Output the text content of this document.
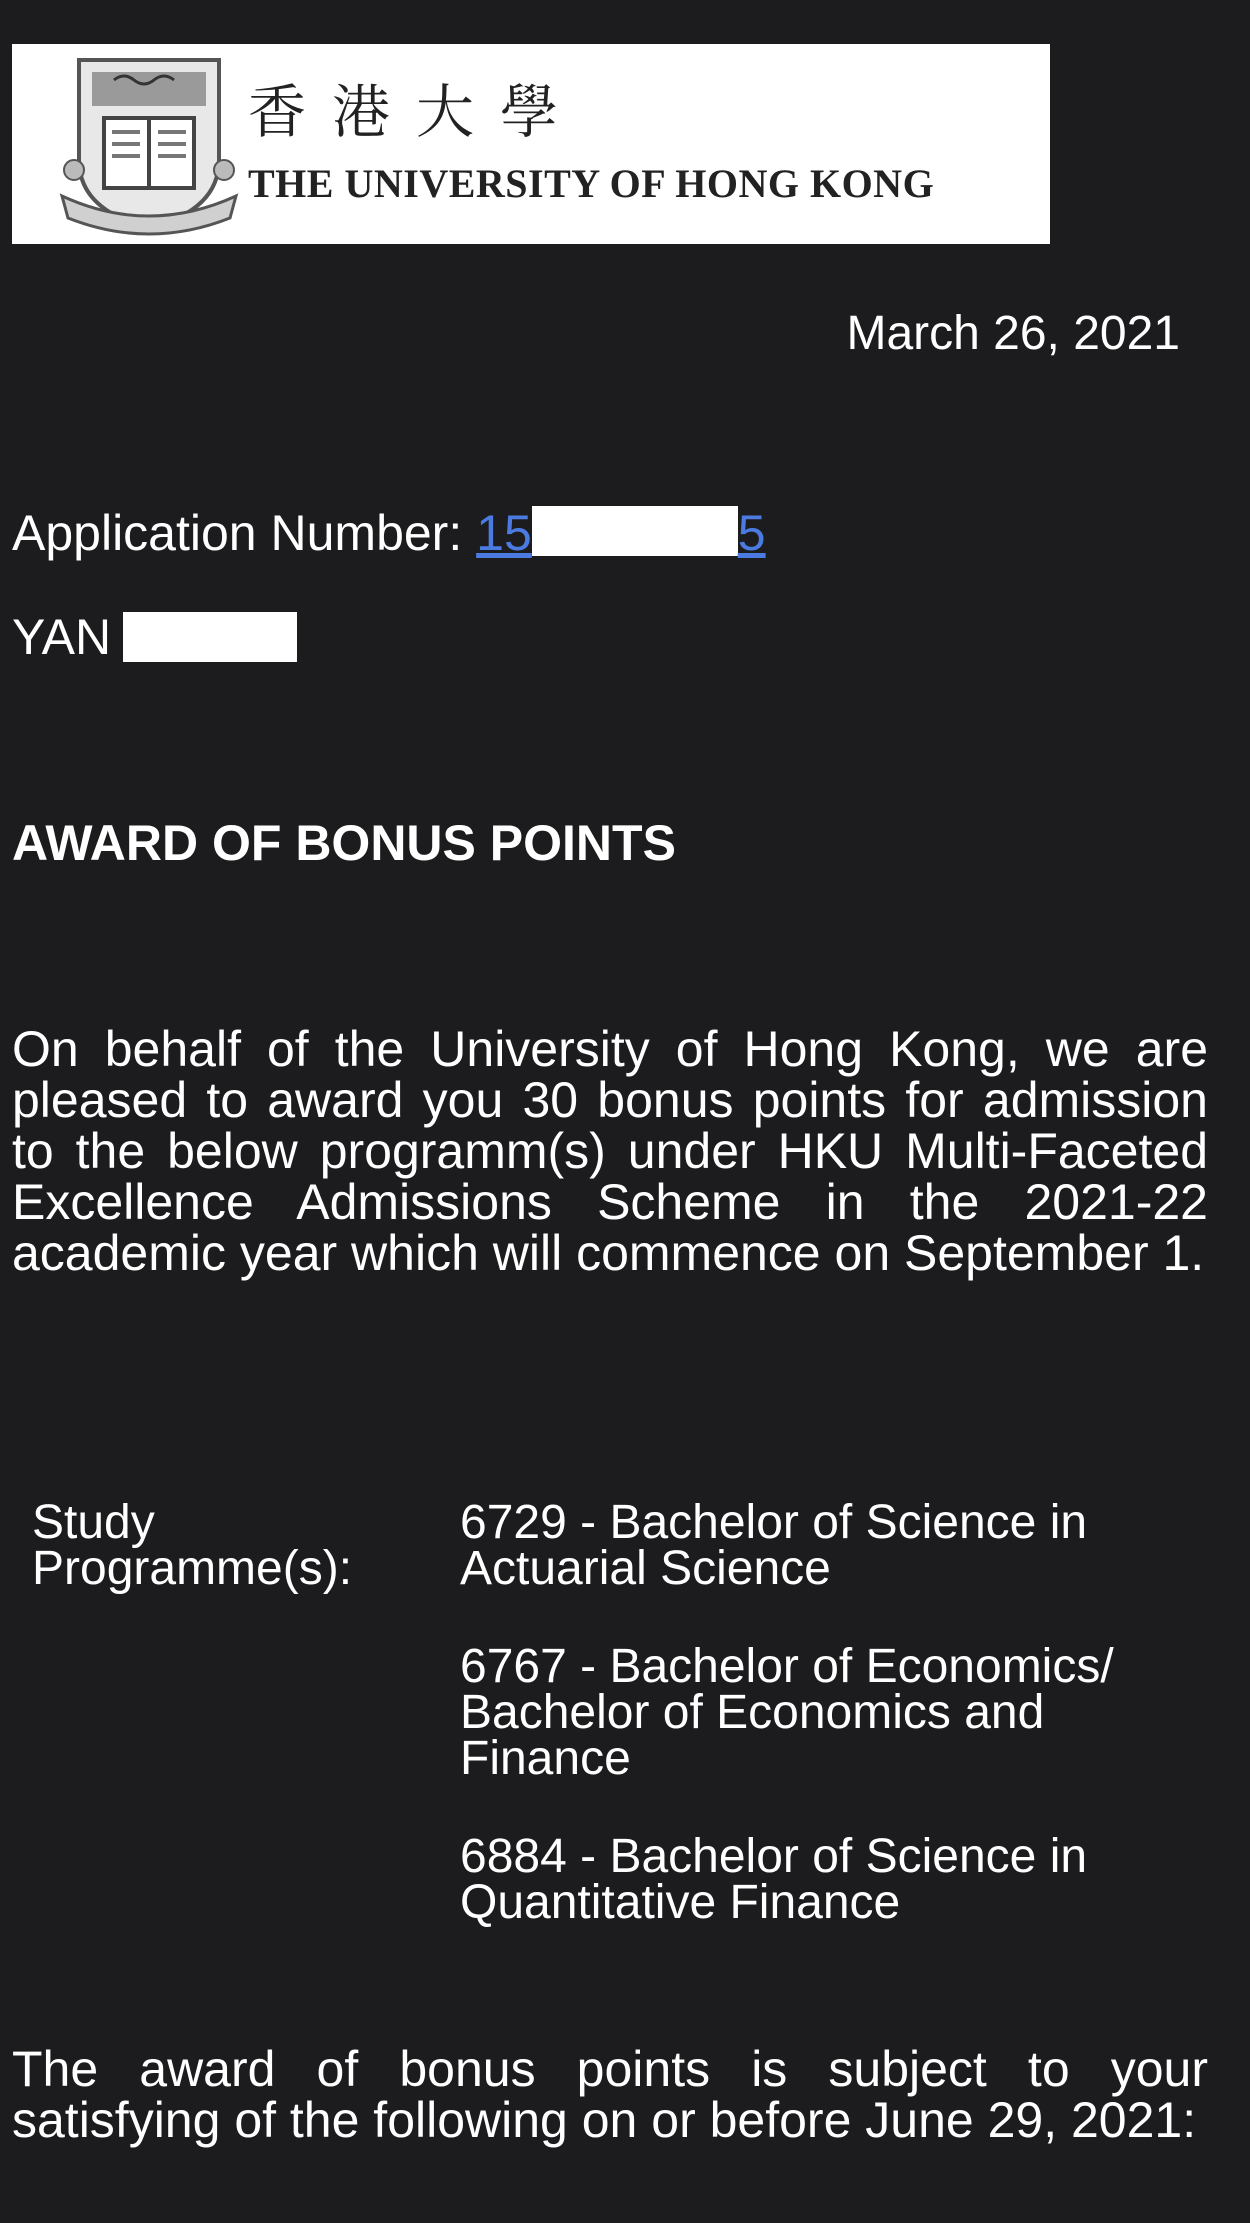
香港大學
THE UNIVERSITY OF HONG KONG
March 26, 2021
Application Number: 15	5
YAN
AWARD OF BONUS POINTS
On behalf of the University of Hong Kong, we are pleased to award you 30 bonus points for admission to the below programm(s) under HKU Multi-Faceted Excellence Admissions Scheme in the 2021-22 academic year which will commence on September 1.
Study Programme(s):
6729 - Bachelor of Science in Actuarial Science
6767 - Bachelor of Economics/ Bachelor of Economics and Finance
6884 - Bachelor of Science in Quantitative Finance
The award of bonus points is subject to your satisfying of the following on or before June 29, 2021:
